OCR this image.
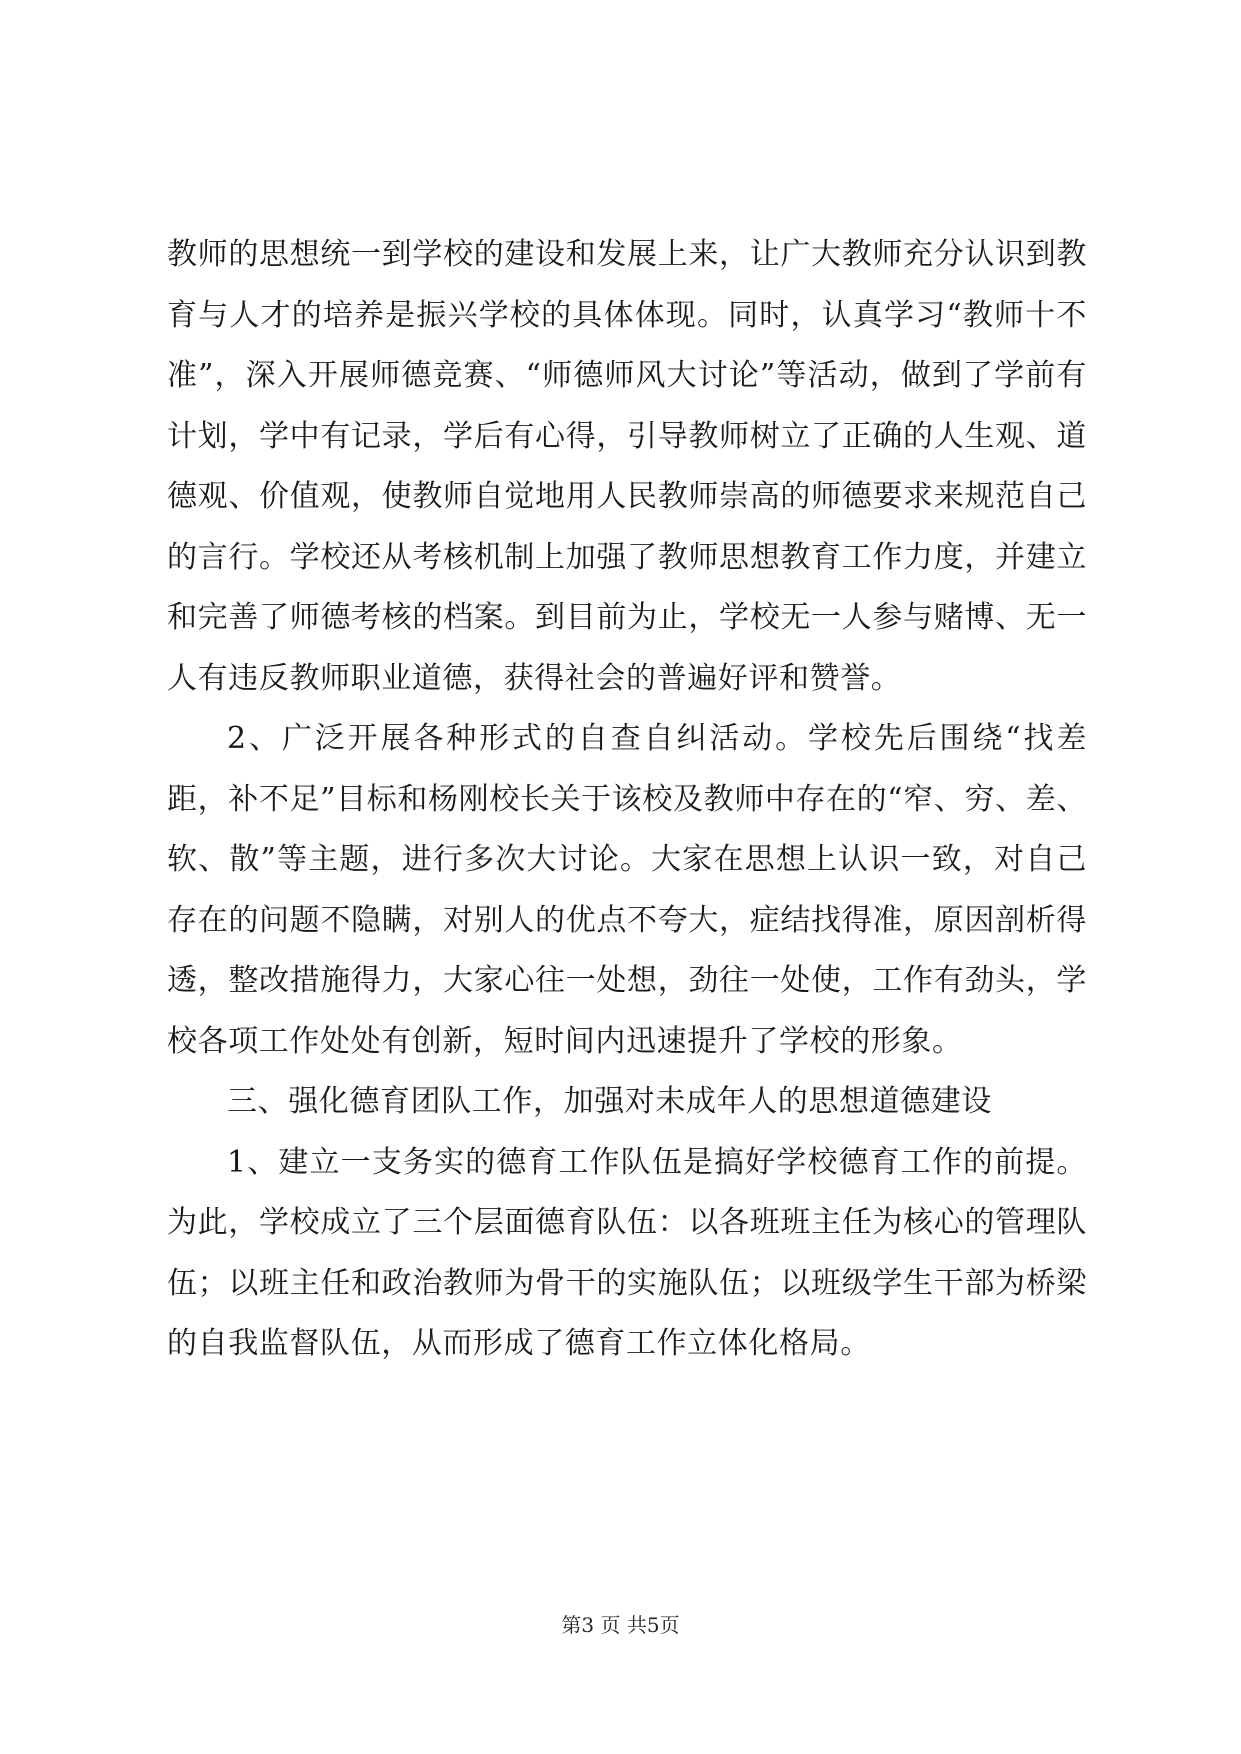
教师的思想统一到学校的建设和发展上来，让广大教师充分认识到教育与人才的培养是振兴学校的具体体现。同时，认真学习“教师十不准”，深入开展师德竞赛、“师德师风大讨论”等活动，做到了学前有计划，学中有记录，学后有心得，引导教师树立了正确的人生观、道德观、价值观，使教师自觉地用人民教师崇高的师德要求来规范自己的言行。学校还从考核机制上加强了教师思想教育工作力度，并建立和完善了师德考核的档案。到目前为止，学校无一人参与赌博、无一人有违反教师职业道德，获得社会的普遍好评和赞誉。

2、广泛开展各种形式的自查自纠活动。学校先后围绕“找差距，补不足”目标和杨刚校长关于该校及教师中存在的“窄、穷、差、软、散”等主题，进行多次大讨论。大家在思想上认识一致，对自己存在的问题不隐瞒，对别人的优点不夸大，症结找得准，原因剖析得透，整改措施得力，大家心往一处想，劲往一处使，工作有劲头，学校各项工作处处有创新，短时间内迅速提升了学校的形象。

三、强化德育团队工作，加强对未成年人的思想道德建设

1、建立一支务实的德育工作队伍是搞好学校德育工作的前提。为此，学校成立了三个层面德育队伍：以各班班主任为核心的管理队伍；以班主任和政治教师为骨干的实施队伍；以班级学生干部为桥梁的自我监督队伍，从而形成了德育工作立体化格局。

第3 页 共5页
